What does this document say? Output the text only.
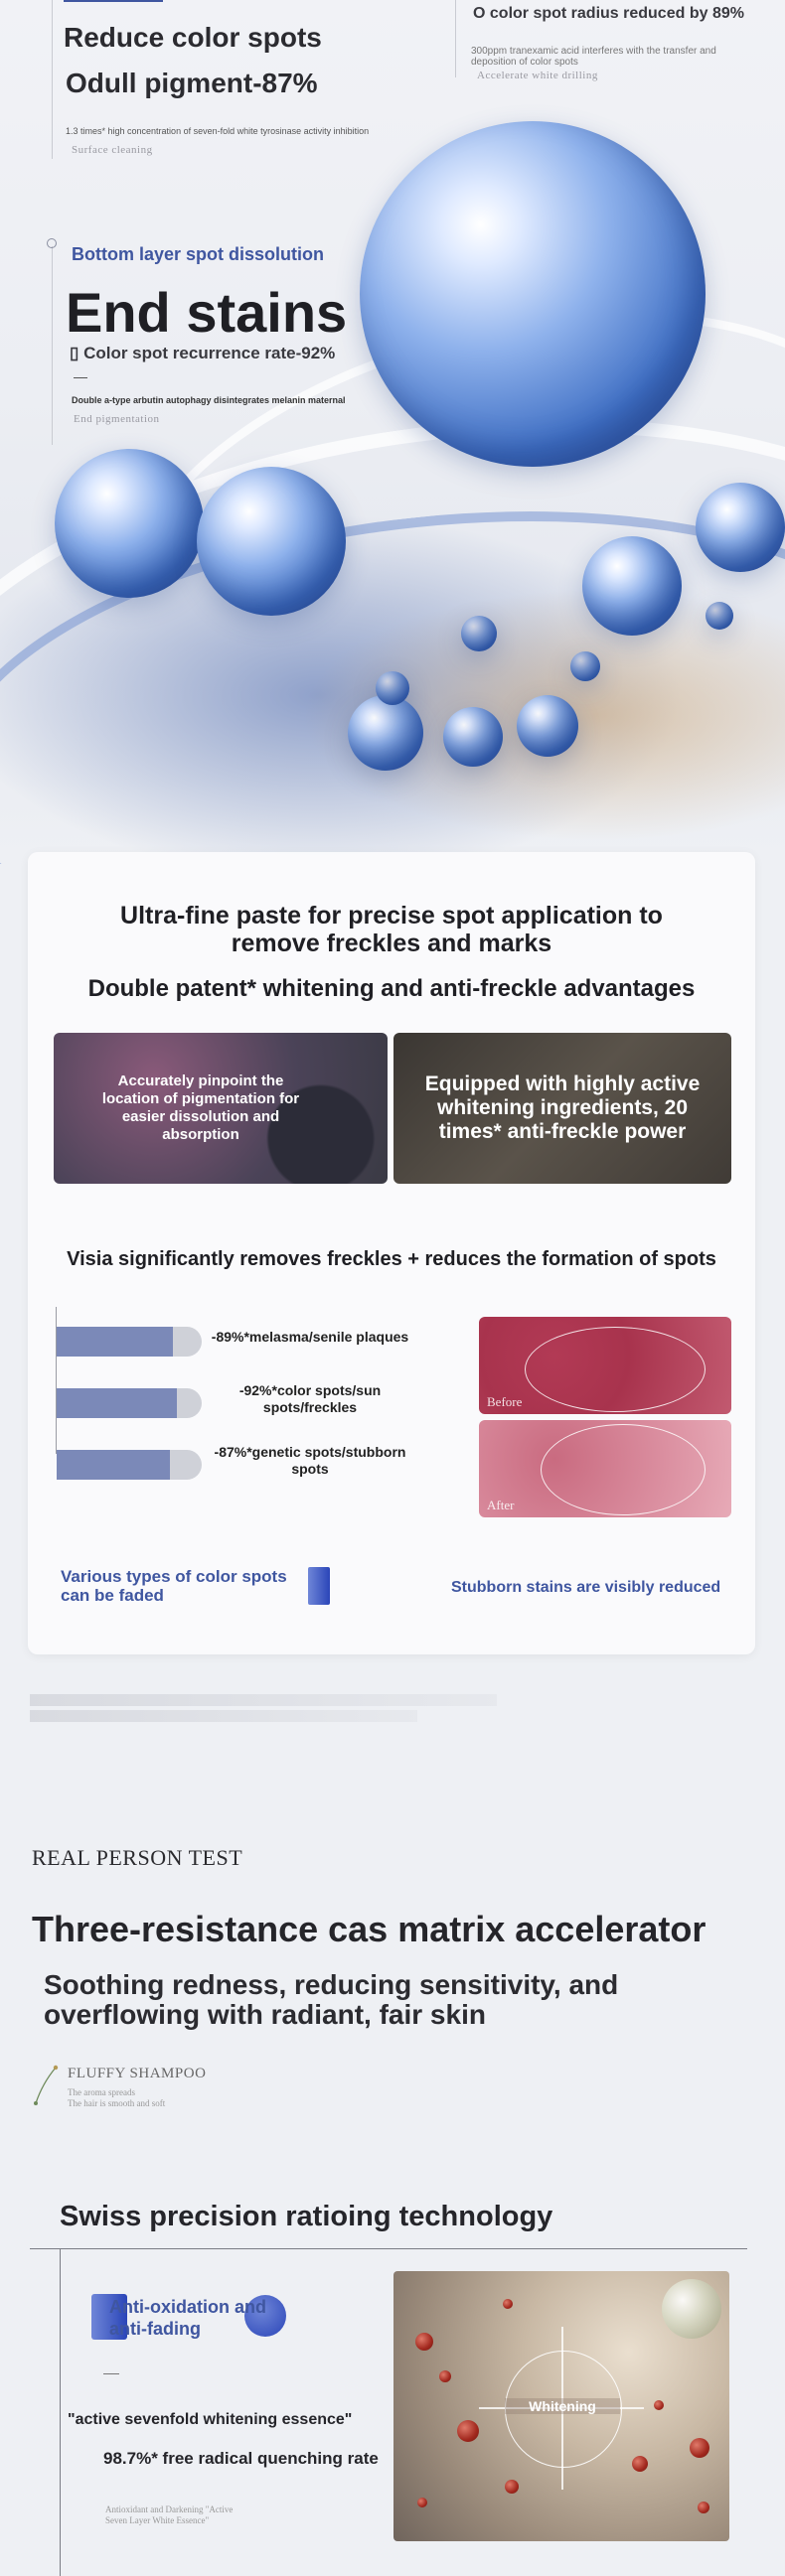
Reduce color spots
Odull pigment-87%
1.3 times* high concentration of seven-fold white tyrosinase activity inhibition
Surface cleaning
O color spot radius reduced by 89%
300ppm tranexamic acid interferes with the transfer and deposition of color spots
Accelerate white drilling
Bottom layer spot dissolution
End stains
▯ Color spot recurrence rate-92%
Double a-type arbutin autophagy disintegrates melanin maternal
End pigmentation
Ultra-fine paste for precise spot application to remove freckles and marks
Double patent* whitening and anti-freckle advantages
Accurately pinpoint the location of pigmentation for easier dissolution and absorption
Equipped with highly active whitening ingredients, 20 times* anti-freckle power
Visia significantly removes freckles + reduces the formation of spots
-89%*melasma/senile plaques
-92%*color spots/sun spots/freckles
-87%*genetic spots/stubborn spots
Before
After
Various types of color spots can be faded	Stubborn stains are visibly reduced
REAL PERSON TEST
Three-resistance cas matrix accelerator
Soothing redness, reducing sensitivity, and overflowing with radiant, fair skin
FLUFFY SHAMPOO
The aroma spreads
The hair is smooth and soft
Swiss precision ratioing technology
Anti-oxidation and anti-fading
"active sevenfold whitening essence"
98.7%* free radical quenching rate
Antioxidant and Darkening "Active
Seven Layer White Essence"
Whitening
